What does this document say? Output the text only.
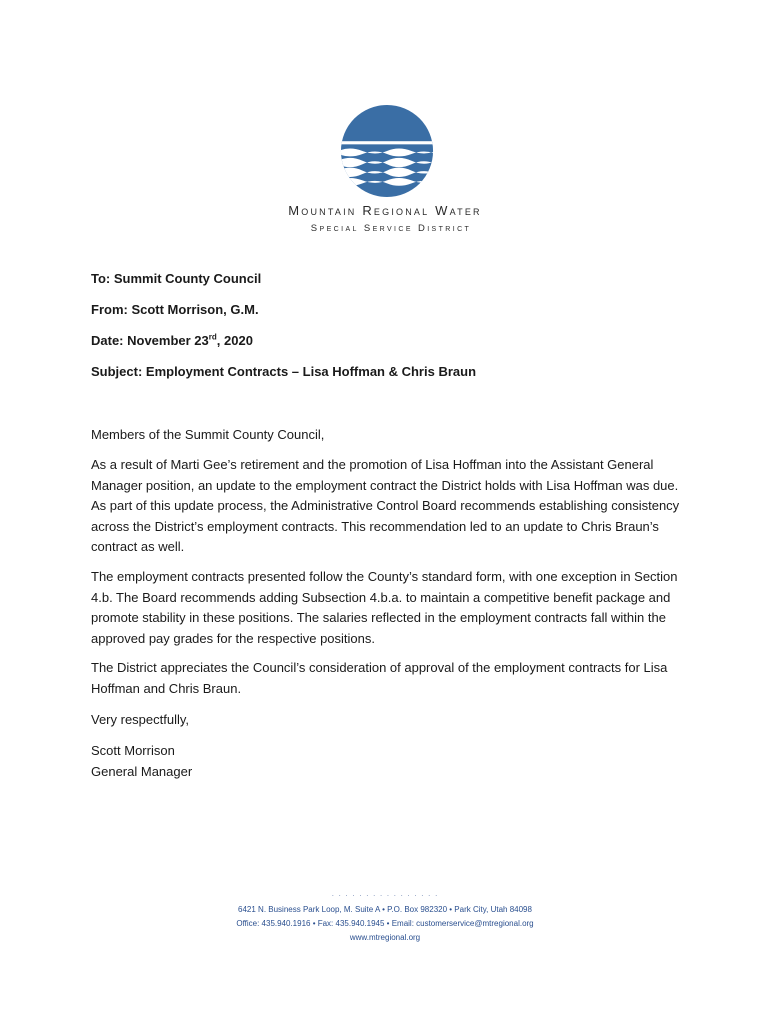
Mountain Regional Water
Special Service District
To: Summit County Council
From: Scott Morrison, G.M.
Date: November 23rd, 2020
Subject: Employment Contracts – Lisa Hoffman & Chris Braun

Members of the Summit County Council,

As a result of Marti Gee’s retirement and the promotion of Lisa Hoffman into the Assistant General Manager position, an update to the employment contract the District holds with Lisa Hoffman was due. As part of this update process, the Administrative Control Board recommends establishing consistency across the District’s employment contracts. This recommendation led to an update to Chris Braun’s contract as well.

The employment contracts presented follow the County’s standard form, with one exception in Section 4.b. The Board recommends adding Subsection 4.b.a. to maintain a competitive benefit package and promote stability in these positions. The salaries reflected in the employment contracts fall within the approved pay grades for the respective positions.

The District appreciates the Council’s consideration of approval of the employment contracts for Lisa Hoffman and Chris Braun.

Very respectfully,

Scott Morrison

General Manager

· · · · · · · · · · · · · · · ·
6421 N. Business Park Loop, M. Suite A • P.O. Box 982320 • Park City, Utah 84098
Office: 435.940.1916 • Fax: 435.940.1945 • Email: customerservice@mtregional.org
www.mtregional.org
